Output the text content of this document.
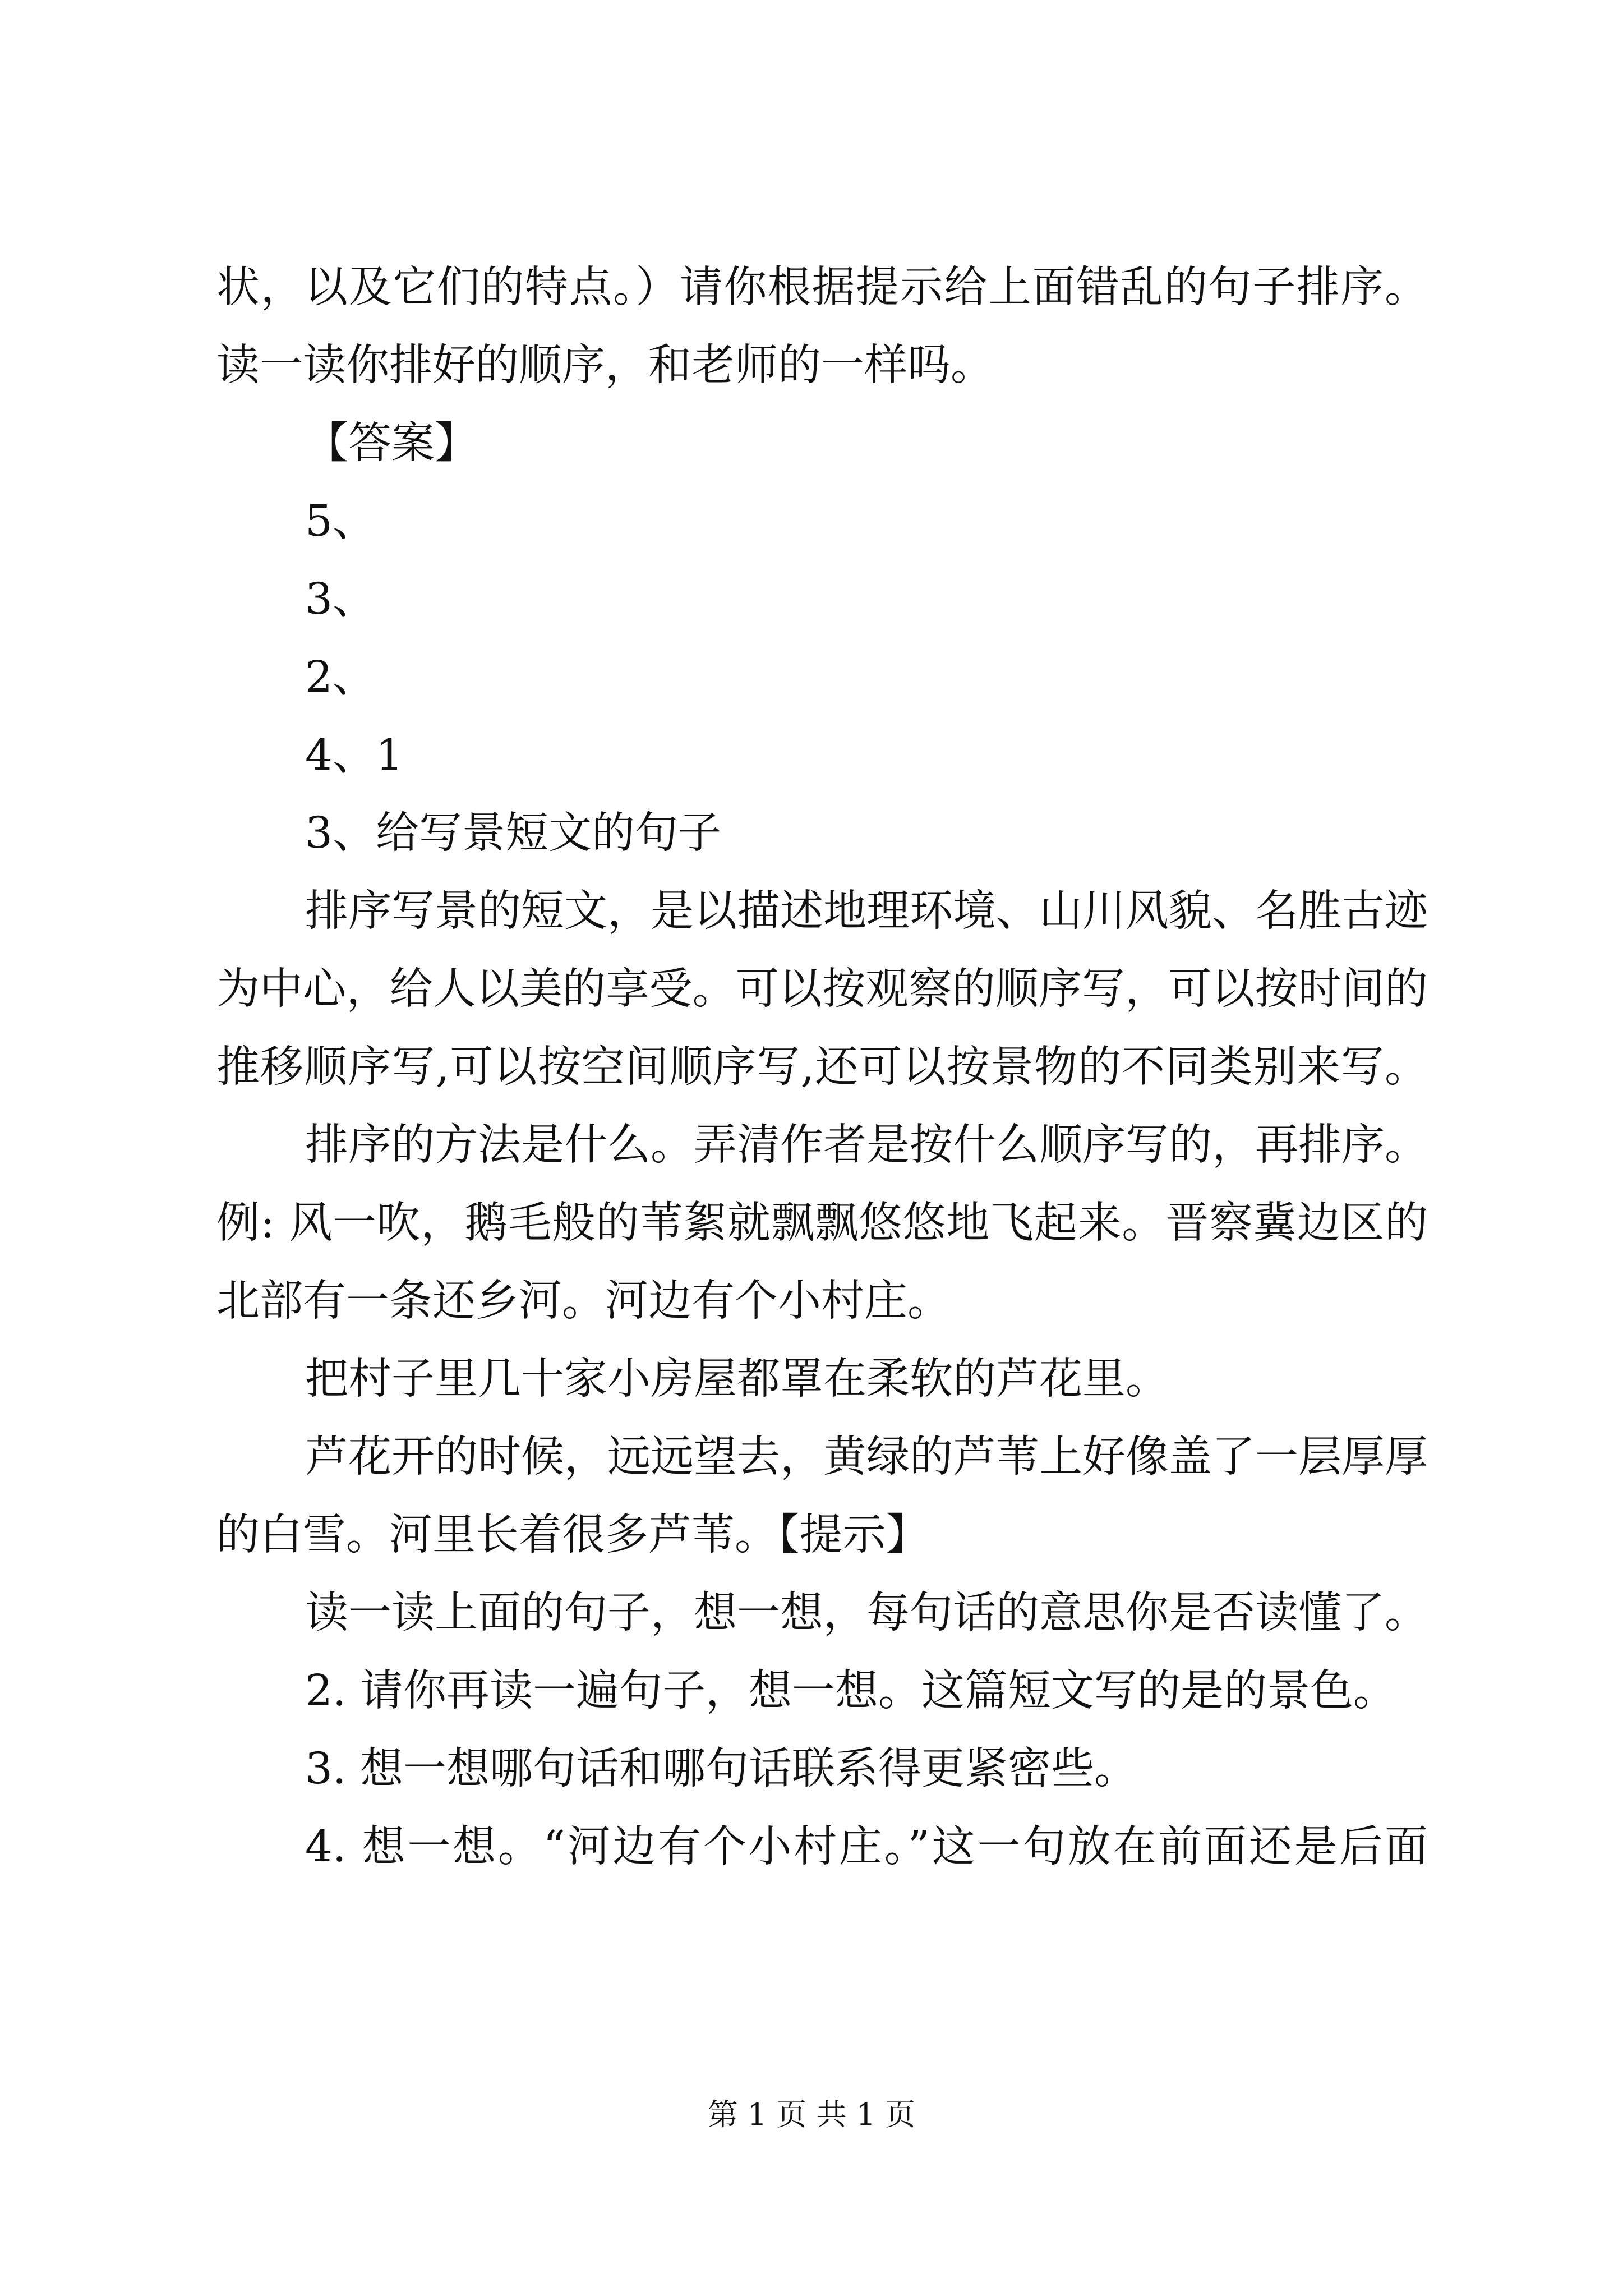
状，以及它们的特点。）请你根据提示给上面错乱的句子排序。
读一读你排好的顺序，和老师的一样吗。
【答案】
5、
3、
2、
4、1
3、给写景短文的句子
排序写景的短文，是以描述地理环境、山川风貌、名胜古迹
为中心，给人以美的享受。可以按观察的顺序写，可以按时间的
推移顺序写,可以按空间顺序写,还可以按景物的不同类别来写。
排序的方法是什么。弄清作者是按什么顺序写的，再排序。
例: 风一吹，鹅毛般的苇絮就飘飘悠悠地飞起来。晋察冀边区的
北部有一条还乡河。河边有个小村庄。
把村子里几十家小房屋都罩在柔软的芦花里。
芦花开的时候，远远望去，黄绿的芦苇上好像盖了一层厚厚
的白雪。河里长着很多芦苇。【提示】
读一读上面的句子，想一想，每句话的意思你是否读懂了。
2. 请你再读一遍句子，想一想。这篇短文写的是的景色。
3. 想一想哪句话和哪句话联系得更紧密些。
4. 想一想。“河边有个小村庄。”这一句放在前面还是后面
第 1 页 共 1 页
